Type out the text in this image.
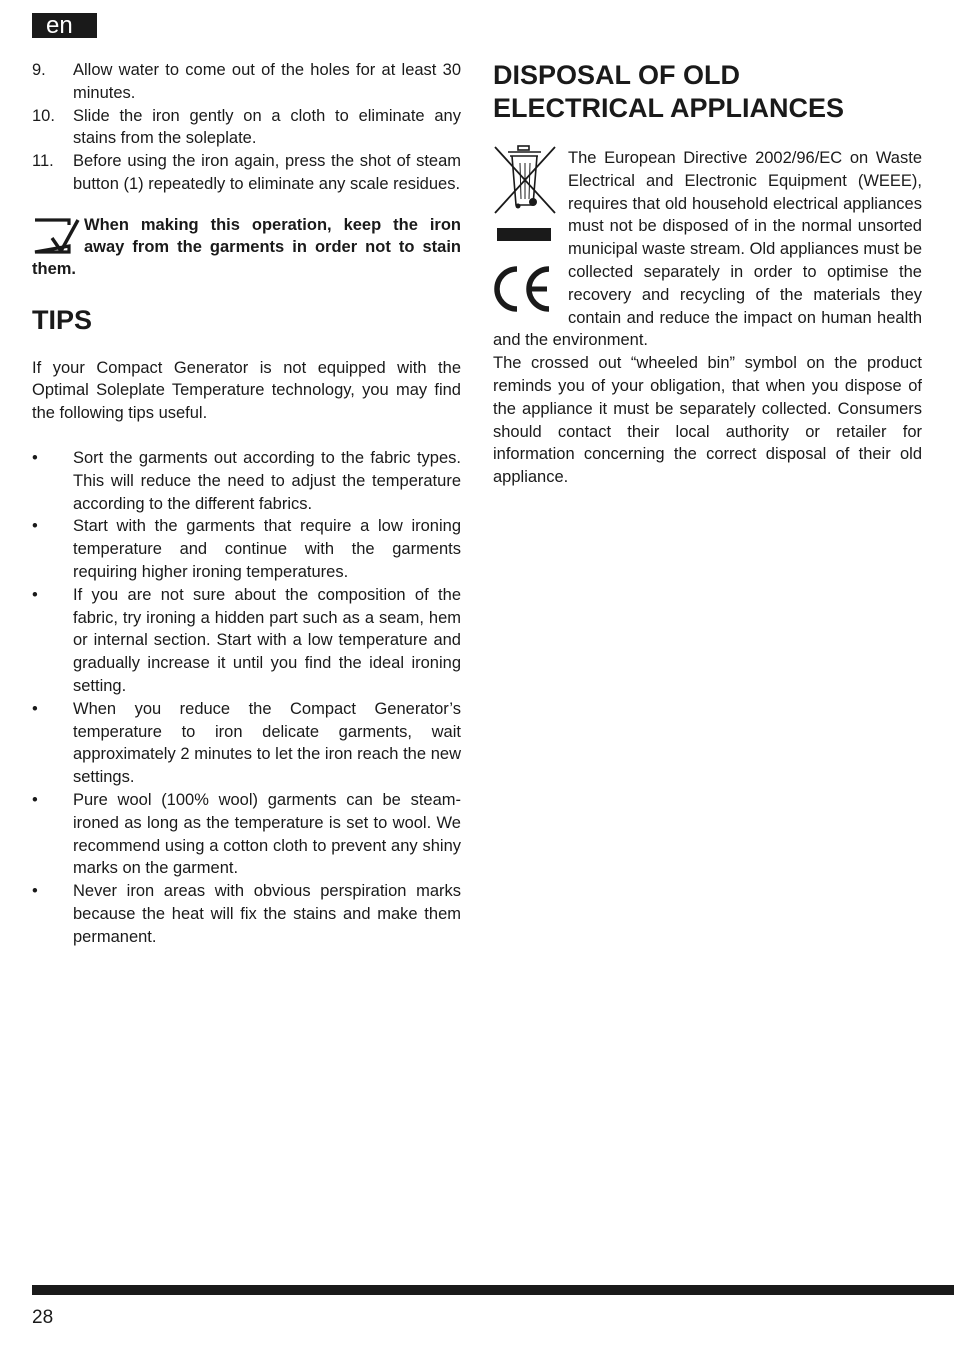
en
9.	Allow water to come out of the holes for at least 30 minutes.
10.	Slide the iron gently on a cloth to eliminate any stains from the soleplate.
11.	Before using the iron again, press the shot of steam button (1) repeatedly to eliminate any scale residues.
When making this operation, keep the iron away from the garments in order not to stain them.
TIPS
If your Compact Generator is not equipped with the Optimal Soleplate Temperature technology, you may find the following tips useful.
•	Sort the garments out according to the fabric types. This will reduce the need to adjust the temperature according to the different fabrics.
•	Start with the garments that require a low ironing temperature and continue with the garments requiring higher ironing temperatures.
•	If you are not sure about the composition of the fabric, try ironing a hidden part such as a seam, hem or internal section. Start with a low temperature and gradually increase it until you find the ideal ironing setting.
•	When you reduce the Compact Generator’s temperature to iron delicate garments, wait approximately 2 minutes to let the iron reach the new settings.
•	Pure wool (100% wool) garments can be steam-ironed as long as the temperature is set to wool. We recommend using a cotton cloth to prevent any shiny marks on the garment.
•	Never iron areas with obvious perspiration marks because the heat will fix the stains and make them permanent.
DISPOSAL OF OLD
ELECTRICAL APPLIANCES
The European Directive 2002/96/EC on Waste Electrical and Electronic Equipment (WEEE), requires that old household electrical appliances must not be disposed of in the normal unsorted municipal waste stream. Old appliances must be collected separately in order to optimise the recovery and recycling of the materials they contain and reduce the impact on human health and the environment.
The crossed out “wheeled bin” symbol on the product reminds you of your obligation, that when you dispose of the appliance it must be separately collected. Consumers should contact their local authority or retailer for information concerning the correct disposal of their old appliance.
28
